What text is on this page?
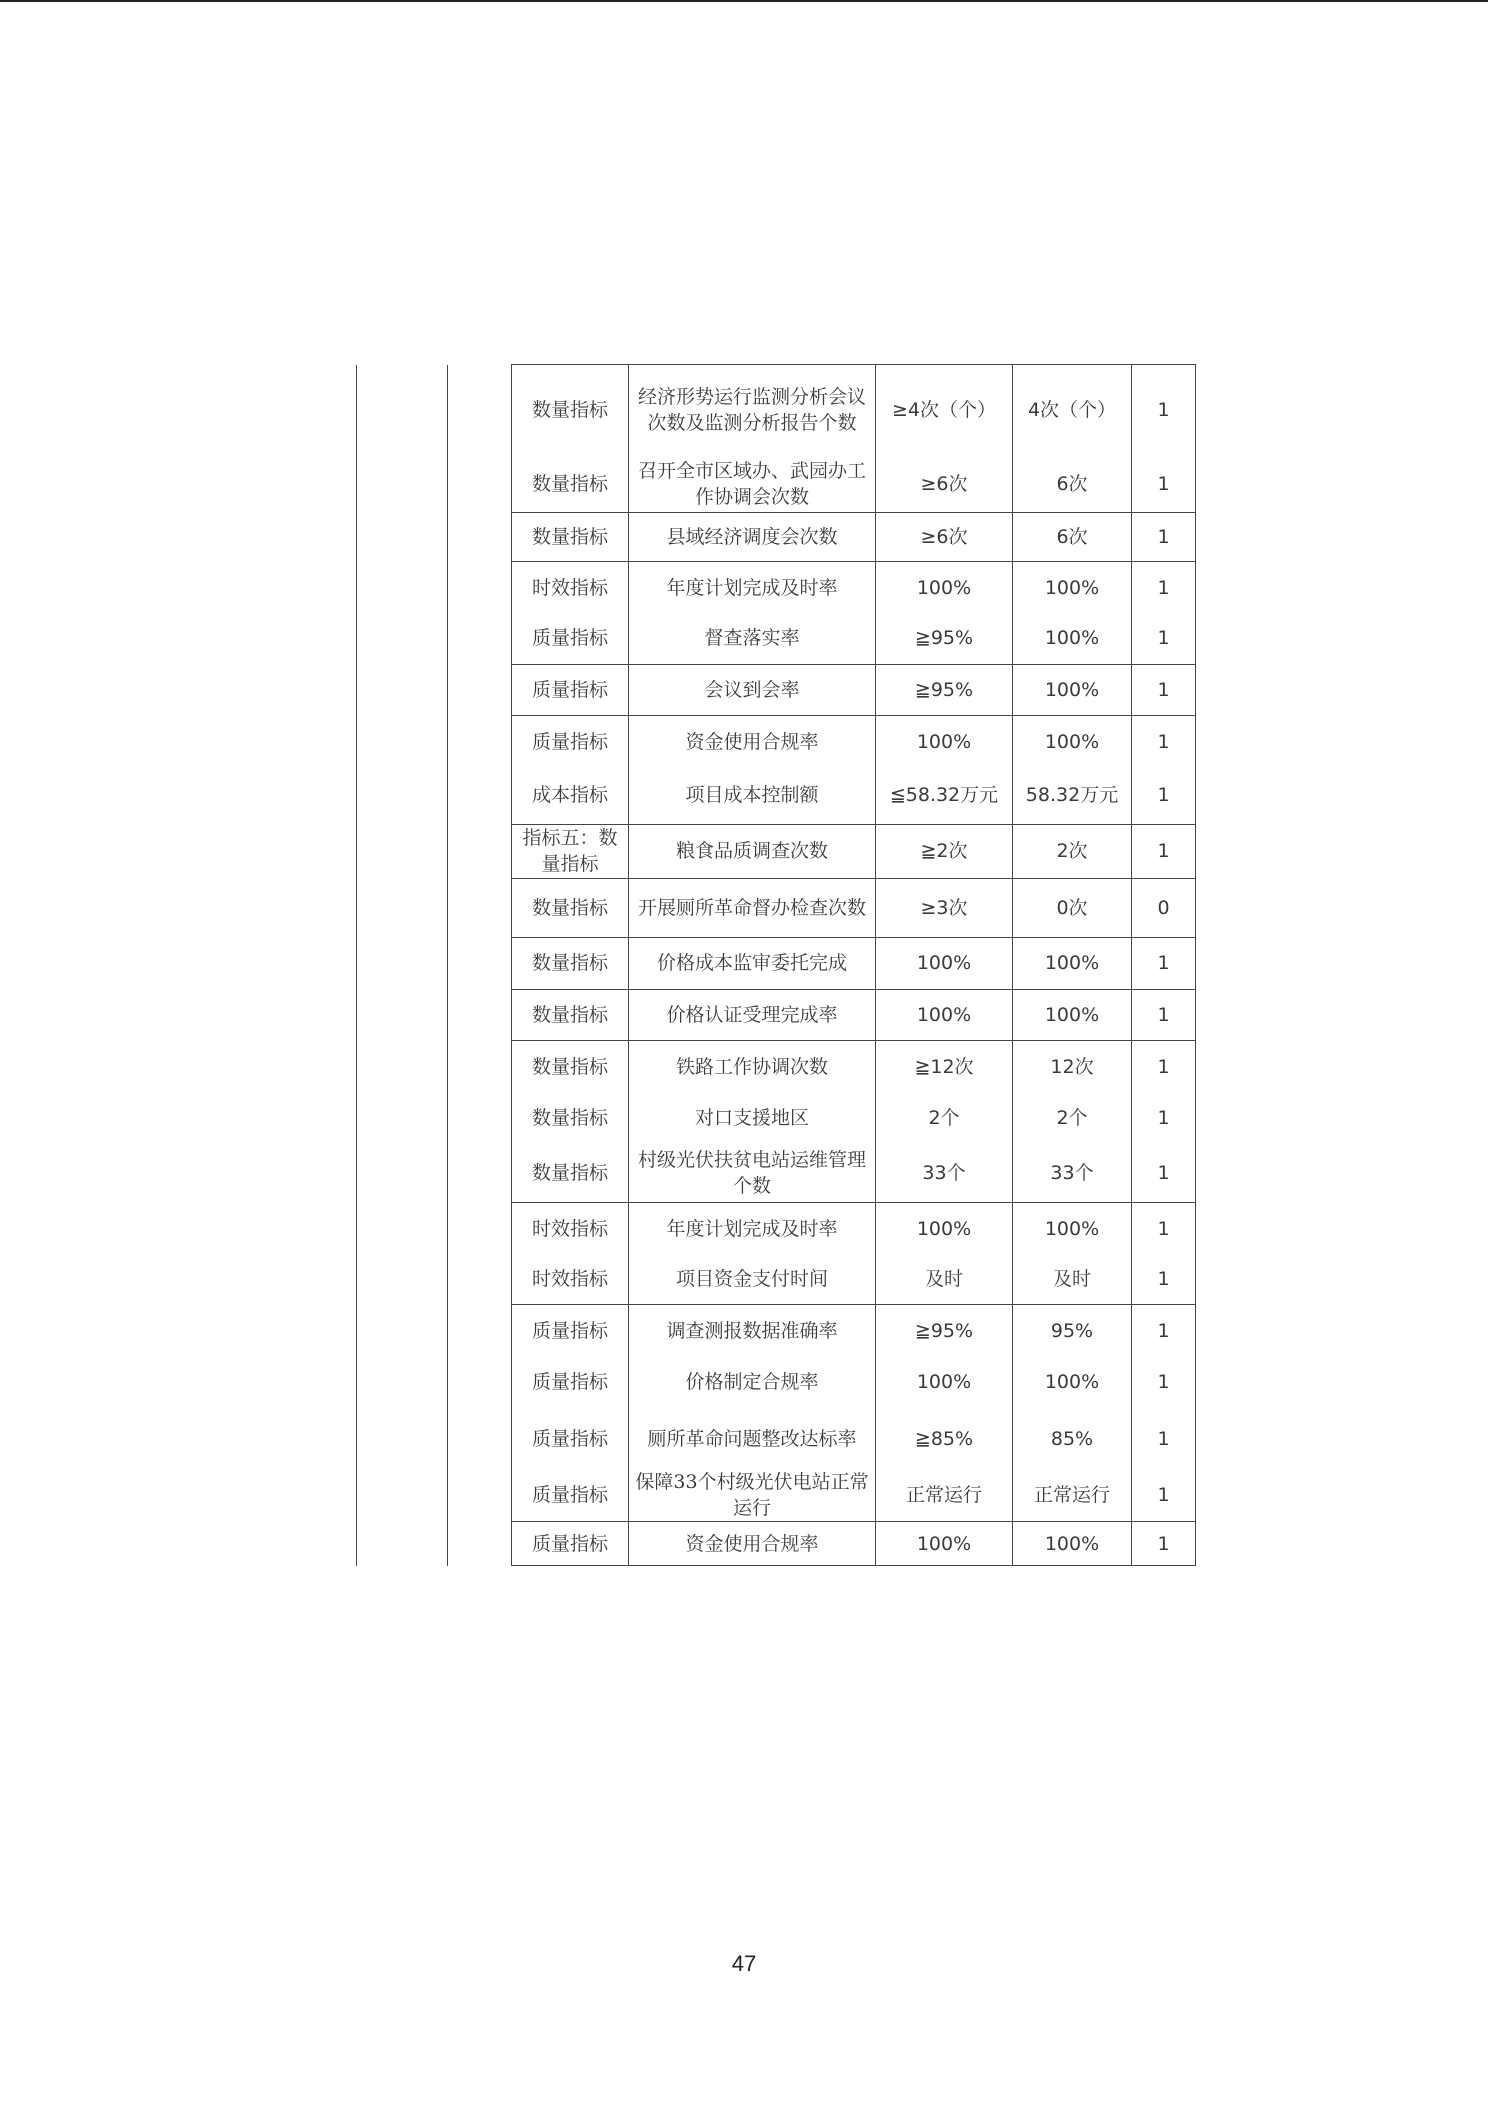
		数量指标	经济形势运行监测分析会议次数及监测分析报告个数	≥4次（个）	4次（个）	1
		数量指标	召开全市区域办、武园办工作协调会次数	≥6次	6次	1
		数量指标	县域经济调度会次数	≥6次	6次	1
		时效指标	年度计划完成及时率	100%	100%	1
		质量指标	督查落实率	≧95%	100%	1
		质量指标	会议到会率	≧95%	100%	1
		质量指标	资金使用合规率	100%	100%	1
		成本指标	项目成本控制额	≦58.32万元	58.32万元	1
		指标五：数量指标	粮食品质调查次数	≧2次	2次	1
		数量指标	开展厕所革命督办检查次数	≥3次	0次	0
		数量指标	价格成本监审委托完成	100%	100%	1
		数量指标	价格认证受理完成率	100%	100%	1
		数量指标	铁路工作协调次数	≧12次	12次	1
		数量指标	对口支援地区	2个	2个	1
		数量指标	村级光伏扶贫电站运维管理个数	33个	33个	1
		时效指标	年度计划完成及时率	100%	100%	1
		时效指标	项目资金支付时间	及时	及时	1
		质量指标	调查测报数据准确率	≧95%	95%	1
		质量指标	价格制定合规率	100%	100%	1
		质量指标	厕所革命问题整改达标率	≧85%	85%	1
		质量指标	保障33个村级光伏电站正常运行	正常运行	正常运行	1
		质量指标	资金使用合规率	100%	100%	1
47
